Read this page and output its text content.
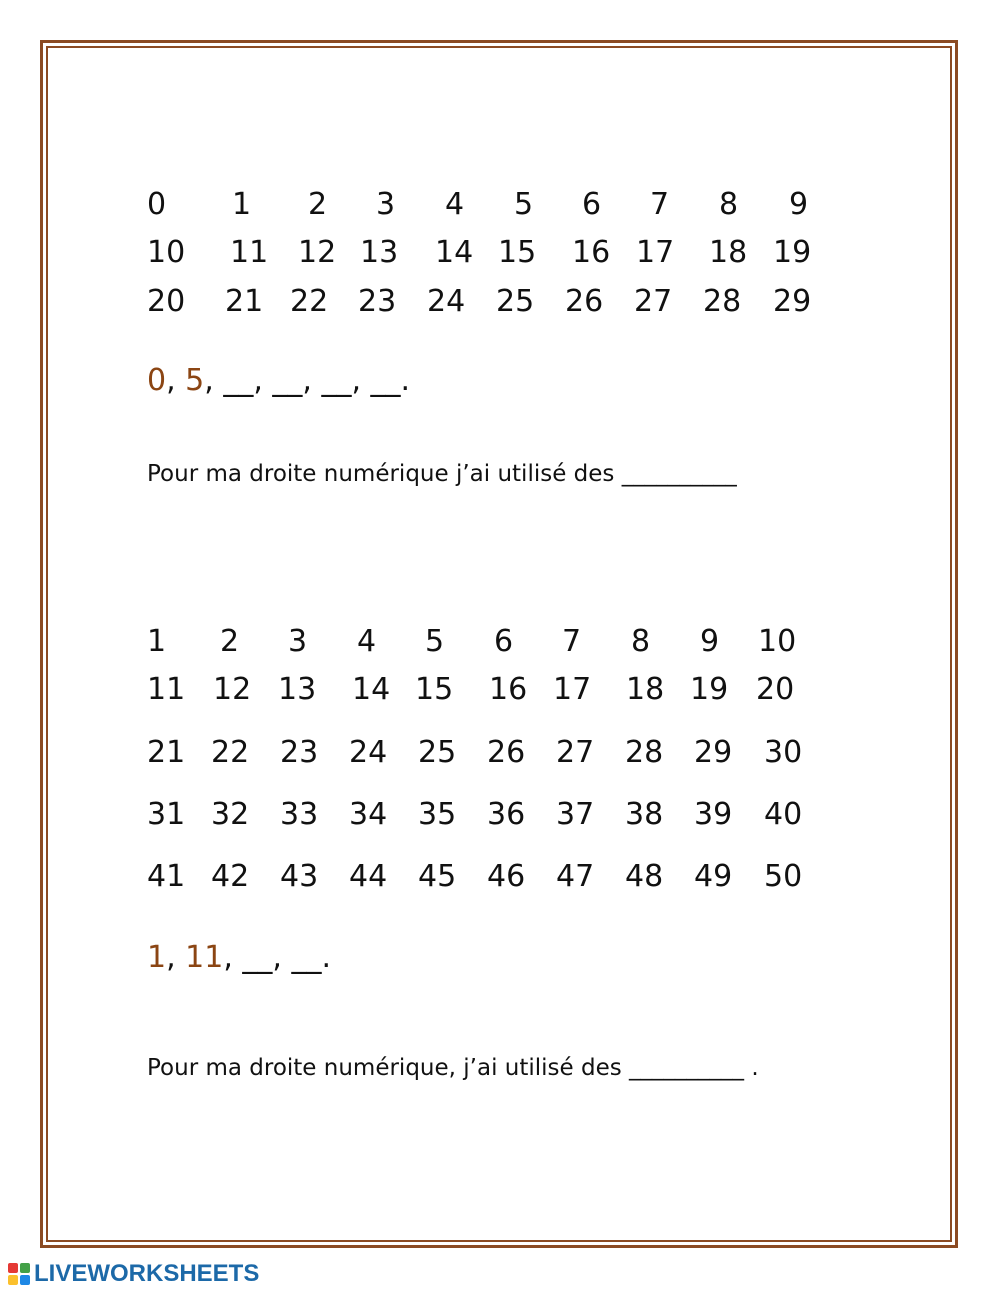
0 1 2 3 4 5 6 7 8 9
10 11 12 13 14 15 16 17 18 19
20 21 22 23 24 25 26 27 28 29
0, 5, __, __, __, __.
Pour ma droite numérique j’ai utilisé des __________
1 2 3 4 5 6 7 8 9 10
11 12 13 14 15 16 17 18 19 20
21 22 23 24 25 26 27 28 29 30
31 32 33 34 35 36 37 38 39 40
41 42 43 44 45 46 47 48 49 50
1, 11, __, __.
Pour ma droite numérique, j’ai utilisé des __________ .
LIVEWORKSHEETS
